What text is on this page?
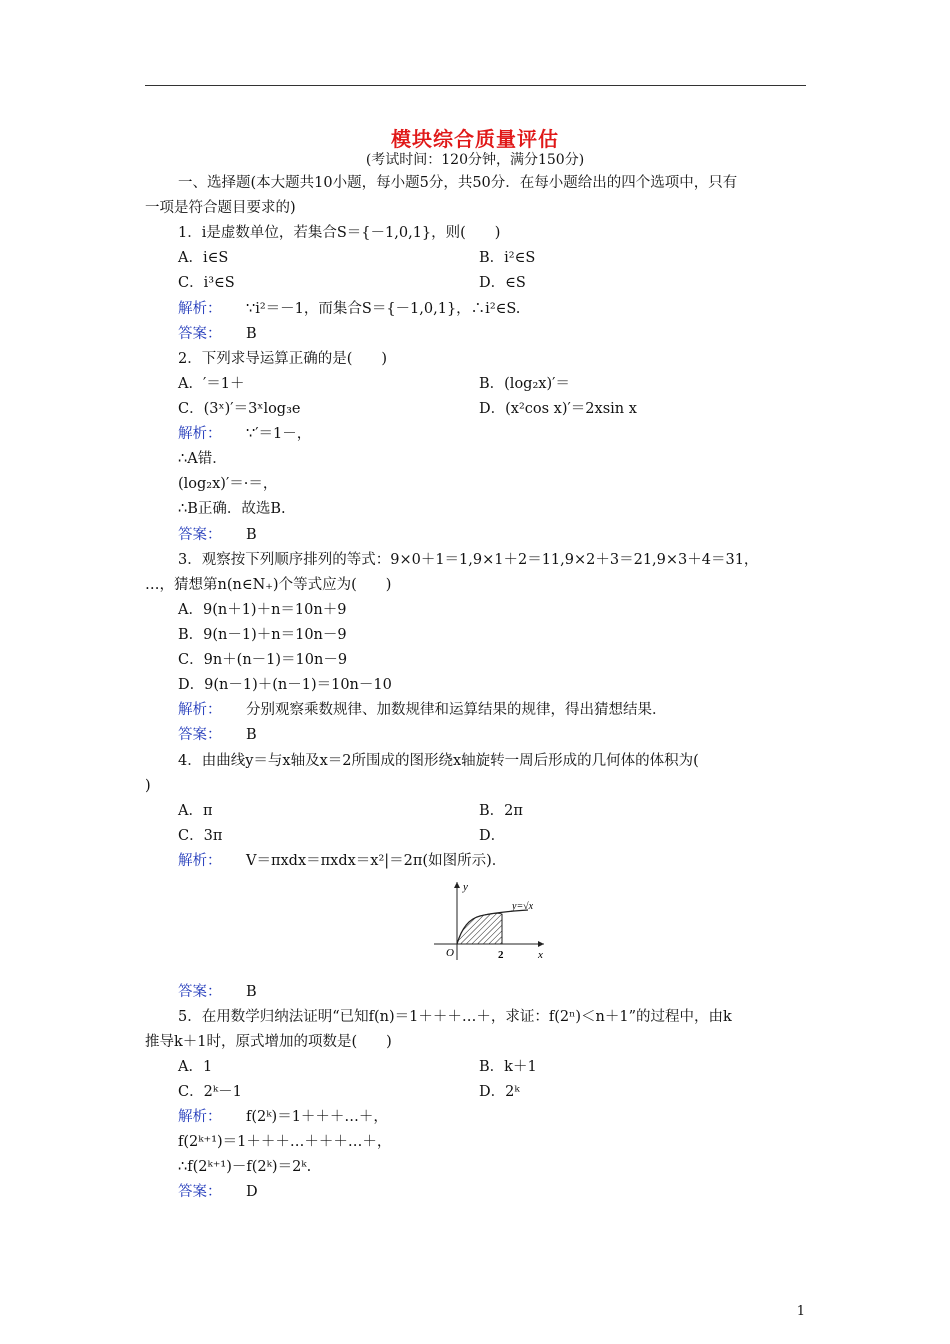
模块综合质量评估
(考试时间：120分钟，满分150分)
一、选择题(本大题共10小题，每小题5分，共50分．在每小题给出的四个选项中，只有
一项是符合题目要求的)
1．i是虚数单位，若集合S＝{－1,0,1}，则(　　)
A．i∈S	B．i²∈S
C．i³∈S	D．∈S
解析： ∵i²＝－1，而集合S＝{－1,0,1}，∴i²∈S.
答案： B
2．下列求导运算正确的是(　　)
A．′＝1＋	B．(log₂x)′＝
C．(3ˣ)′＝3ˣlog₃e	D．(x²cos x)′＝2xsin x
解析： ∵′＝1－，
∴A错．
(log₂x)′＝·＝，
∴B正确．故选B.
答案： B
3．观察按下列顺序排列的等式：9×0＋1＝1,9×1＋2＝11,9×2＋3＝21,9×3＋4＝31，
…，猜想第n(n∈N₊)个等式应为(　　)
A．9(n＋1)＋n＝10n＋9
B．9(n－1)＋n＝10n－9
C．9n＋(n－1)＝10n－9
D．9(n－1)＋(n－1)＝10n－10
解析： 分别观察乘数规律、加数规律和运算结果的规律，得出猜想结果．
答案： B
4．由曲线y＝与x轴及x＝2所围成的图形绕x轴旋转一周后形成的几何体的体积为(
)
A．π	B．2π
C．3π	D．
解析： V＝πxdx＝πxdx＝x²|＝2π(如图所示)．
y
x
O	2
y=√x
答案： B
5．在用数学归纳法证明“已知f(n)＝1＋＋＋…＋，求证：f(2ⁿ)＜n＋1”的过程中，由k
推导k＋1时，原式增加的项数是(　　)
A．1	B．k＋1
C．2ᵏ－1	D．2ᵏ
解析： f(2ᵏ)＝1＋＋＋…＋，
f(2ᵏ⁺¹)＝1＋＋＋…＋＋＋…＋，
∴f(2ᵏ⁺¹)－f(2ᵏ)＝2ᵏ.
答案： D
1
